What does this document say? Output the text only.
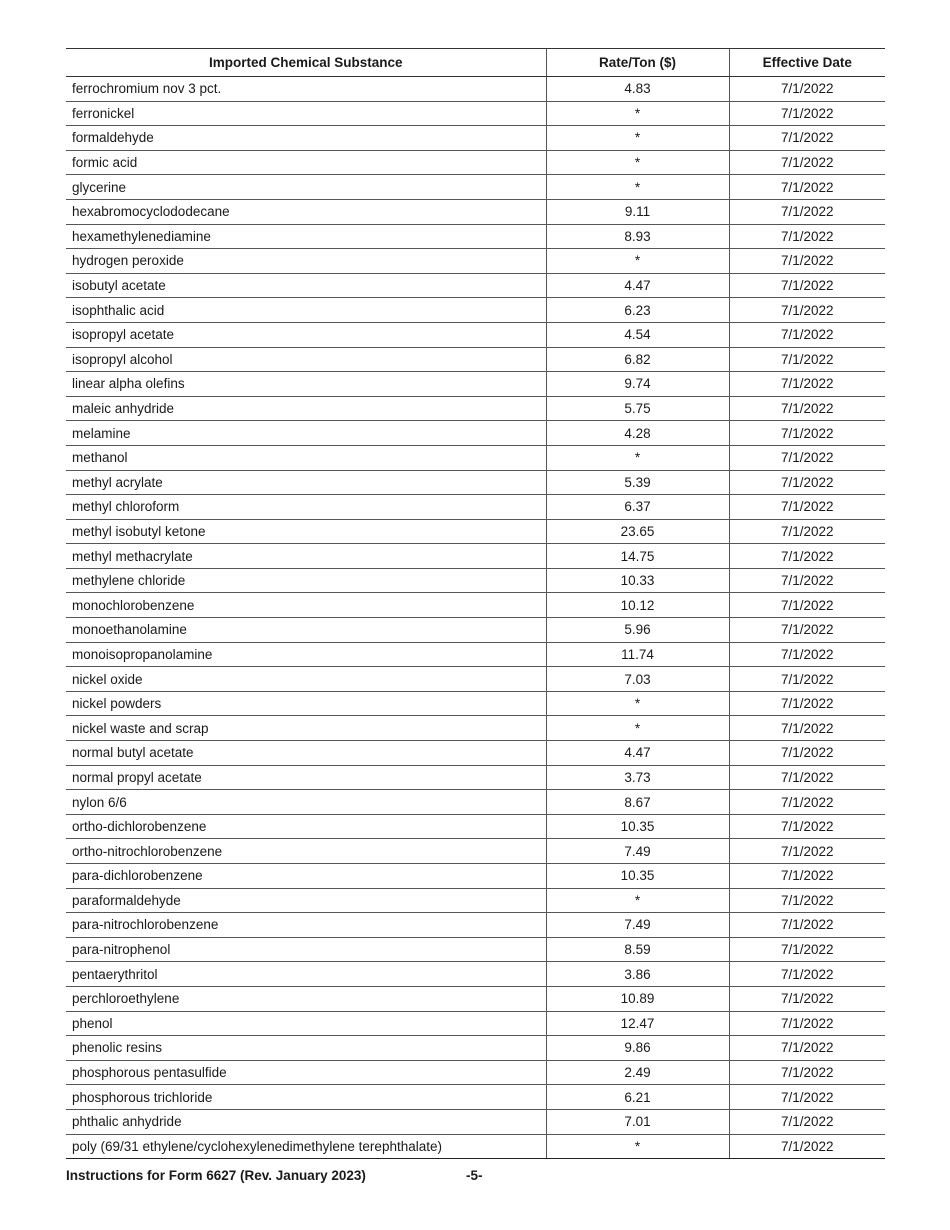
Imported Chemical Substance	Rate/Ton ($)	Effective Date
ferrochromium nov 3 pct.	4.83	7/1/2022
ferronickel	*	7/1/2022
formaldehyde	*	7/1/2022
formic acid	*	7/1/2022
glycerine	*	7/1/2022
hexabromocyclododecane	9.11	7/1/2022
hexamethylenediamine	8.93	7/1/2022
hydrogen peroxide	*	7/1/2022
isobutyl acetate	4.47	7/1/2022
isophthalic acid	6.23	7/1/2022
isopropyl acetate	4.54	7/1/2022
isopropyl alcohol	6.82	7/1/2022
linear alpha olefins	9.74	7/1/2022
maleic anhydride	5.75	7/1/2022
melamine	4.28	7/1/2022
methanol	*	7/1/2022
methyl acrylate	5.39	7/1/2022
methyl chloroform	6.37	7/1/2022
methyl isobutyl ketone	23.65	7/1/2022
methyl methacrylate	14.75	7/1/2022
methylene chloride	10.33	7/1/2022
monochlorobenzene	10.12	7/1/2022
monoethanolamine	5.96	7/1/2022
monoisopropanolamine	11.74	7/1/2022
nickel oxide	7.03	7/1/2022
nickel powders	*	7/1/2022
nickel waste and scrap	*	7/1/2022
normal butyl acetate	4.47	7/1/2022
normal propyl acetate	3.73	7/1/2022
nylon 6/6	8.67	7/1/2022
ortho-dichlorobenzene	10.35	7/1/2022
ortho-nitrochlorobenzene	7.49	7/1/2022
para-dichlorobenzene	10.35	7/1/2022
paraformaldehyde	*	7/1/2022
para-nitrochlorobenzene	7.49	7/1/2022
para-nitrophenol	8.59	7/1/2022
pentaerythritol	3.86	7/1/2022
perchloroethylene	10.89	7/1/2022
phenol	12.47	7/1/2022
phenolic resins	9.86	7/1/2022
phosphorous pentasulfide	2.49	7/1/2022
phosphorous trichloride	6.21	7/1/2022
phthalic anhydride	7.01	7/1/2022
poly (69/31 ethylene/cyclohexylenedimethylene terephthalate)	*	7/1/2022
Instructions for Form 6627 (Rev. January 2023)	-5-
